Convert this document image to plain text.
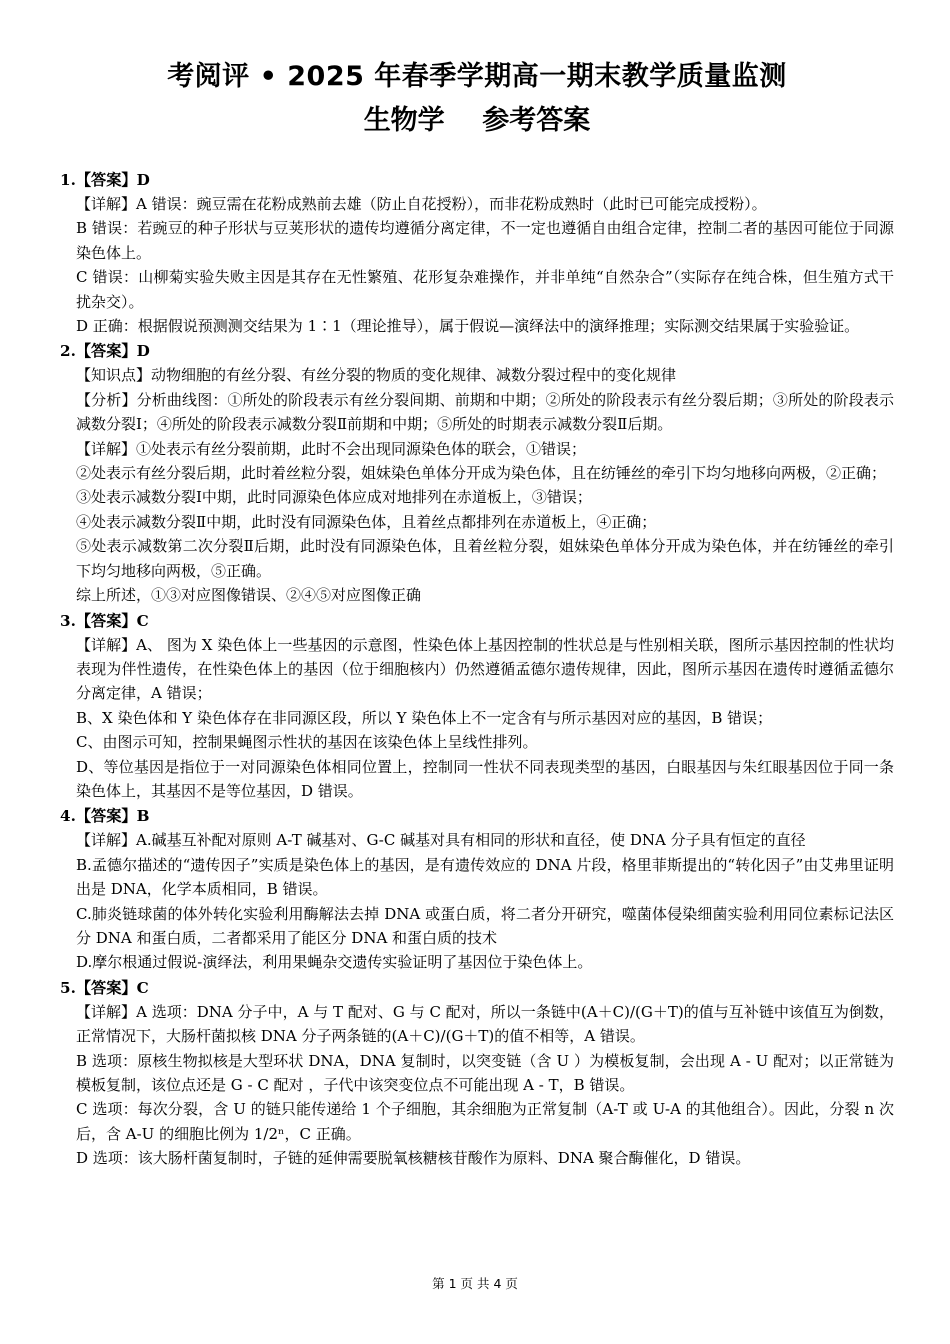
考阅评 • 2025 年春季学期高一期末教学质量监测
生物学    参考答案
1.【答案】D

【详解】A 错误：豌豆需在花粉成熟前去雄（防止自花授粉），而非花粉成熟时（此时已可能完成授粉）。

B 错误：若豌豆的种子形状与豆荚形状的遗传均遵循分离定律，不一定也遵循自由组合定律，控制二者的基因可能位于同源染色体上。

C 错误：山柳菊实验失败主因是其存在无性繁殖、花形复杂难操作，并非单纯“自然杂合”（实际存在纯合株，但生殖方式干扰杂交）。

D 正确：根据假说预测测交结果为 1∶1（理论推导），属于假说—演绎法中的演绎推理；实际测交结果属于实验验证。

2.【答案】D

【知识点】动物细胞的有丝分裂、有丝分裂的物质的变化规律、减数分裂过程中的变化规律

【分析】分析曲线图：①所处的阶段表示有丝分裂间期、前期和中期；②所处的阶段表示有丝分裂后期；③所处的阶段表示减数分裂Ⅰ；④所处的阶段表示减数分裂Ⅱ前期和中期；⑤所处的时期表示减数分裂Ⅱ后期。

【详解】①处表示有丝分裂前期，此时不会出现同源染色体的联会，①错误；

②处表示有丝分裂后期，此时着丝粒分裂，姐妹染色单体分开成为染色体，且在纺锤丝的牵引下均匀地移向两极，②正确；

③处表示减数分裂Ⅰ中期，此时同源染色体应成对地排列在赤道板上，③错误；

④处表示减数分裂Ⅱ中期，此时没有同源染色体，且着丝点都排列在赤道板上，④正确；

⑤处表示减数第二次分裂Ⅱ后期，此时没有同源染色体，且着丝粒分裂，姐妹染色单体分开成为染色体，并在纺锤丝的牵引下均匀地移向两极，⑤正确。

综上所述，①③对应图像错误、②④⑤对应图像正确

3.【答案】C

【详解】A、 图为 X 染色体上一些基因的示意图，性染色体上基因控制的性状总是与性别相关联，图所示基因控制的性状均表现为伴性遗传，在性染色体上的基因（位于细胞核内）仍然遵循孟德尔遗传规律，因此，图所示基因在遗传时遵循孟德尔分离定律，A 错误；

B、X 染色体和 Y 染色体存在非同源区段，所以 Y 染色体上不一定含有与所示基因对应的基因，B 错误；

C、由图示可知，控制果蝇图示性状的基因在该染色体上呈线性排列。

D、等位基因是指位于一对同源染色体相同位置上，控制同一性状不同表现类型的基因，白眼基因与朱红眼基因位于同一条染色体上，其基因不是等位基因，D 错误。

4.【答案】B

【详解】A.碱基互补配对原则 A-T 碱基对、G-C 碱基对具有相同的形状和直径，使 DNA 分子具有恒定的直径

B.孟德尔描述的“遗传因子”实质是染色体上的基因，是有遗传效应的 DNA 片段，格里菲斯提出的“转化因子”由艾弗里证明出是 DNA，化学本质相同，B 错误。

C.肺炎链球菌的体外转化实验利用酶解法去掉 DNA 或蛋白质，将二者分开研究，噬菌体侵染细菌实验利用同位素标记法区分 DNA 和蛋白质，二者都采用了能区分 DNA 和蛋白质的技术

D.摩尔根通过假说-演绎法，利用果蝇杂交遗传实验证明了基因位于染色体上。

5.【答案】C

【详解】A 选项：DNA 分子中，A 与 T 配对、G 与 C 配对，所以一条链中(A＋C)/(G＋T)的值与互补链中该值互为倒数，正常情况下，大肠杆菌拟核 DNA 分子两条链的(A＋C)/(G＋T)的值不相等，A 错误。

B 选项：原核生物拟核是大型环状 DNA，DNA 复制时，以突变链（含 U ）为模板复制，会出现 A - U 配对；以正常链为模板复制，该位点还是 G - C 配对 ，子代中该突变位点不可能出现 A - T，B 错误。

C 选项：每次分裂，含 U 的链只能传递给 1 个子细胞，其余细胞为正常复制（A-T 或 U-A 的其他组合）。因此，分裂 n 次后，含 A-U 的细胞比例为 1/2ⁿ，C 正确。

D 选项：该大肠杆菌复制时，子链的延伸需要脱氧核糖核苷酸作为原料、DNA 聚合酶催化，D 错误。

第 1 页 共 4 页
